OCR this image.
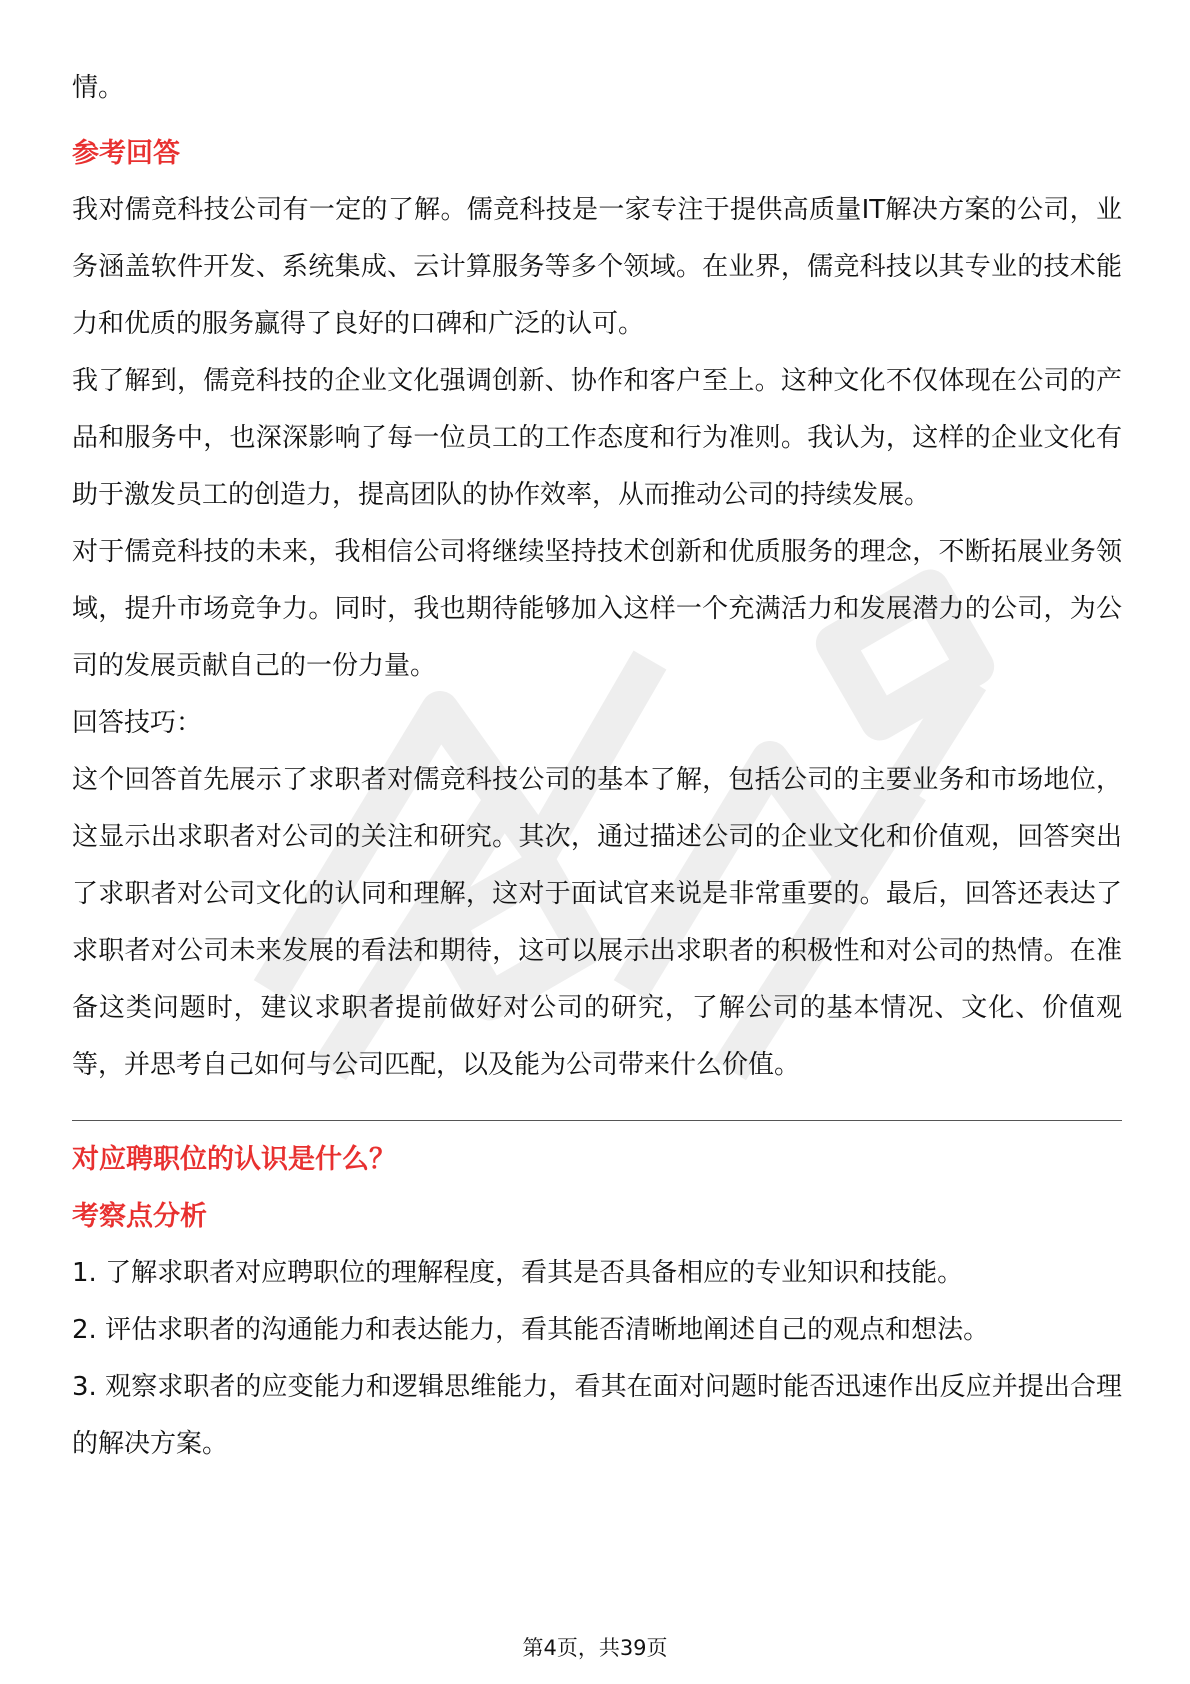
情。

参考回答

我对儒竞科技公司有一定的了解。儒竞科技是一家专注于提供高质量IT解决方案的公司，业务涵盖软件开发、系统集成、云计算服务等多个领域。在业界，儒竞科技以其专业的技术能力和优质的服务赢得了良好的口碑和广泛的认可。

我了解到，儒竞科技的企业文化强调创新、协作和客户至上。这种文化不仅体现在公司的产品和服务中，也深深影响了每一位员工的工作态度和行为准则。我认为，这样的企业文化有助于激发员工的创造力，提高团队的协作效率，从而推动公司的持续发展。

对于儒竞科技的未来，我相信公司将继续坚持技术创新和优质服务的理念，不断拓展业务领域，提升市场竞争力。同时，我也期待能够加入这样一个充满活力和发展潜力的公司，为公司的发展贡献自己的一份力量。

回答技巧：

这个回答首先展示了求职者对儒竞科技公司的基本了解，包括公司的主要业务和市场地位，这显示出求职者对公司的关注和研究。其次，通过描述公司的企业文化和价值观，回答突出了求职者对公司文化的认同和理解，这对于面试官来说是非常重要的。最后，回答还表达了求职者对公司未来发展的看法和期待，这可以展示出求职者的积极性和对公司的热情。在准备这类问题时，建议求职者提前做好对公司的研究，了解公司的基本情况、文化、价值观等，并思考自己如何与公司匹配，以及能为公司带来什么价值。

对应聘职位的认识是什么？

考察点分析

1. 了解求职者对应聘职位的理解程度，看其是否具备相应的专业知识和技能。

2. 评估求职者的沟通能力和表达能力，看其能否清晰地阐述自己的观点和想法。

3. 观察求职者的应变能力和逻辑思维能力，看其在面对问题时能否迅速作出反应并提出合理的解决方案。

第4页，共39页
